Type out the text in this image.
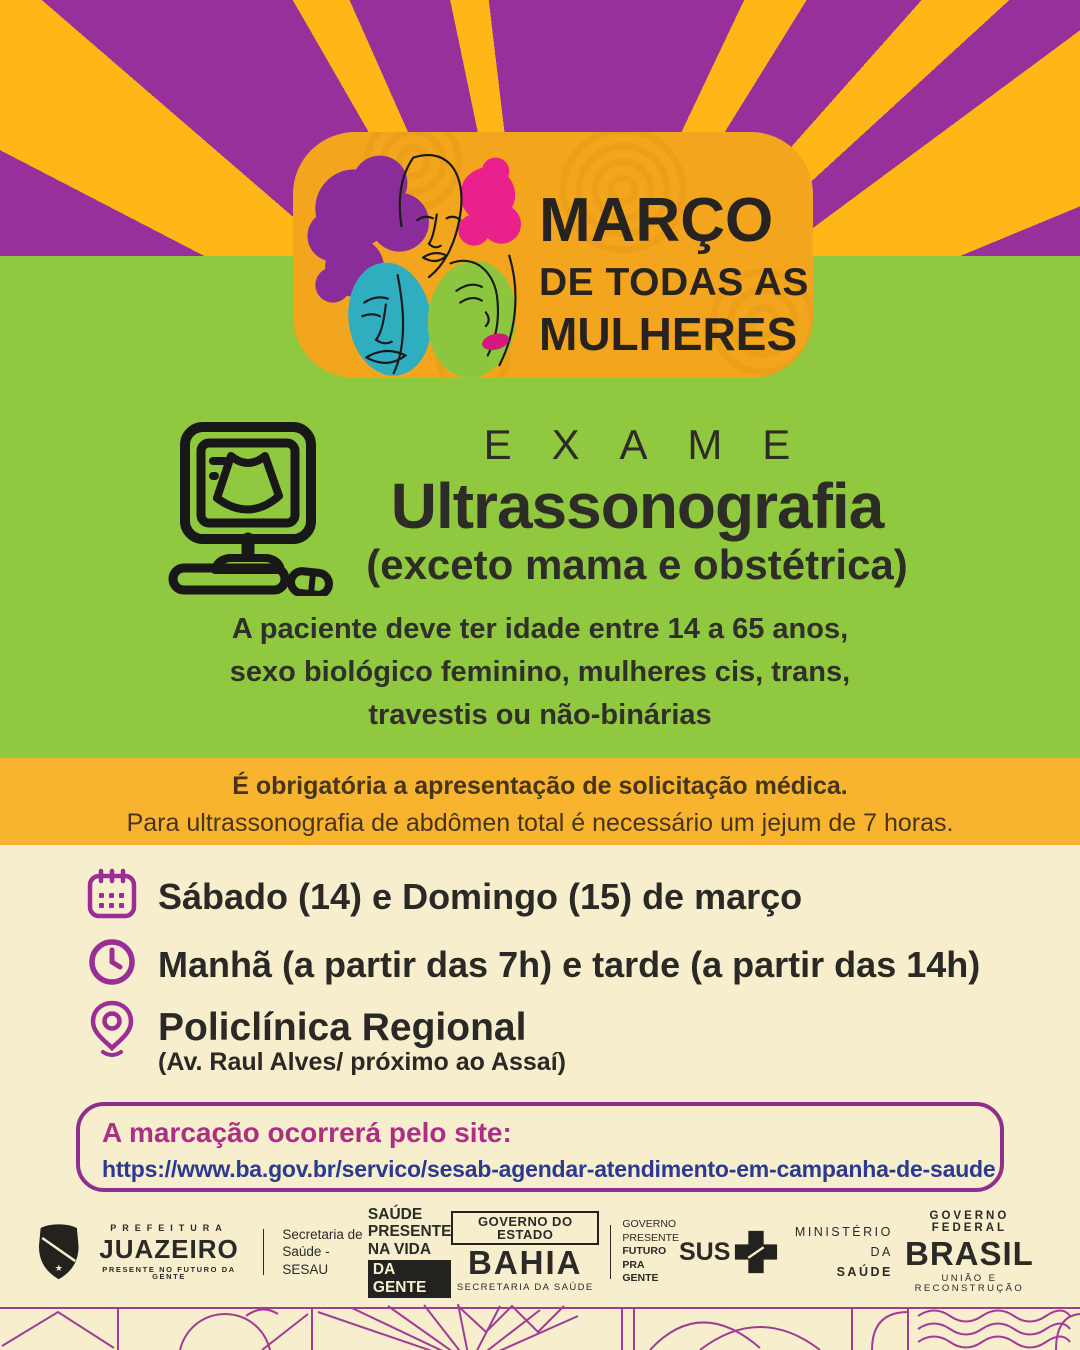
MARÇO
DE TODAS AS
MULHERES
EXAME
Ultrassonografia
(exceto mama e obstétrica)
A paciente deve ter idade entre 14 a 65 anos,
sexo biológico feminino, mulheres cis, trans,
travestis ou não-binárias
É obrigatória a apresentação de solicitação médica.
Para ultrassonografia de abdômen total é necessário um jejum de 7 horas.
Sábado (14) e Domingo (15) de março
Manhã (a partir das 7h) e tarde (a partir das 14h)
Policlínica Regional
(Av. Raul Alves/ próximo ao Assaí)
A marcação ocorrerá pelo site:
https://www.ba.gov.br/servico/sesab-agendar-atendimento-em-campanha-de-saude
★
PREFEITURA
JUAZEIRO
PRESENTE NO FUTURO DA GENTE
Secretaria de
Saúde - SESAU
SAÚDE
PRESENTE
NA VIDA
DA GENTE
GOVERNO DO ESTADO
BAHIA
SECRETARIA DA SAÚDE
GOVERNO
PRESENTE
FUTURO
PRA GENTE
SUS
MINISTÉRIO DA
SAÚDE
GOVERNO FEDERAL
BRASIL
UNIÃO E RECONSTRUÇÃO
